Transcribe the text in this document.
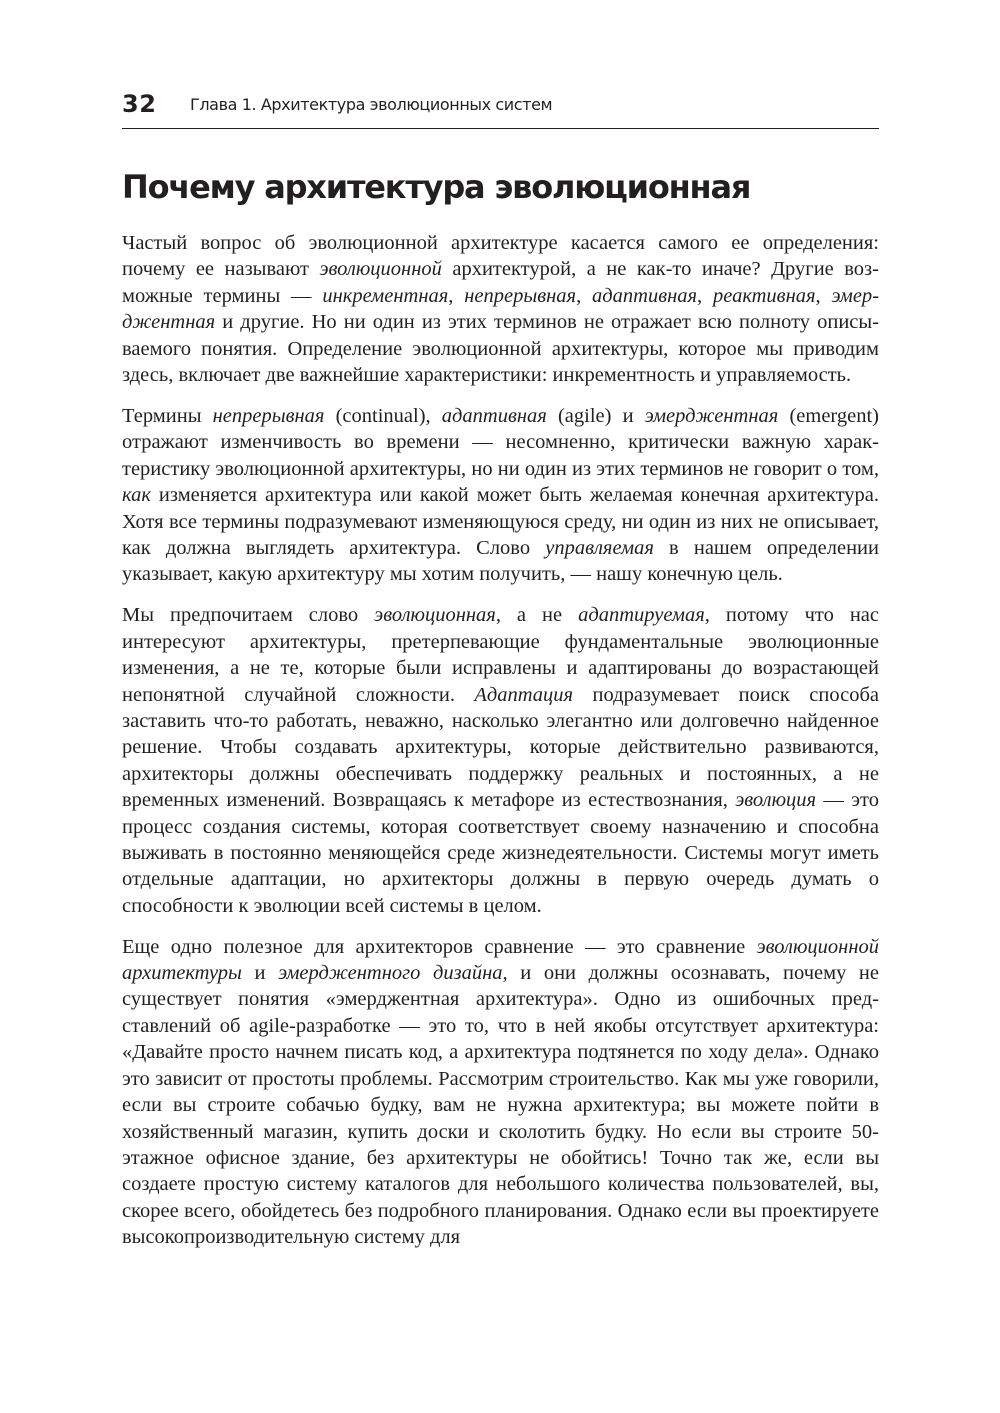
32 Глава 1. Архитектура эволюционных систем
Почему архитектура эволюционная

Частый вопрос об эволюционной архитектуре касается самого ее определения: почему ее называют эволюционной архитектурой, а не как-то иначе? Другие возможные термины — инкрементная, непрерывная, адаптивная, реактивная, эмерджентная и другие. Но ни один из этих терминов не отражает всю полноту описываемого понятия. Определение эволюционной архитектуры, которое мы приводим здесь, включает две важнейшие характеристики: инкрементность и управляемость.

Термины непрерывная (continual), адаптивная (agile) и эмерджентная (emergent) отражают изменчивость во времени — несомненно, критически важную характеристику эволюционной архитектуры, но ни один из этих терминов не говорит о том, как изменяется архитектура или какой может быть желаемая конечная архитектура. Хотя все термины подразумевают изменяющуюся среду, ни один из них не описывает, как должна выглядеть архитектура. Слово управляемая в нашем определении указывает, какую архитектуру мы хотим получить, — нашу конечную цель.

Мы предпочитаем слово эволюционная, а не адаптируемая, потому что нас интересуют архитектуры, претерпевающие фундаментальные эволюционные изменения, а не те, которые были исправлены и адаптированы до возрастающей непонятной случайной сложности. Адаптация подразумевает поиск способа заставить что-то работать, неважно, насколько элегантно или долговечно найденное решение. Чтобы создавать архитектуры, которые действительно развиваются, архитекторы должны обеспечивать поддержку реальных и постоянных, а не временных изменений. Возвращаясь к метафоре из естествознания, эволюция — это процесс создания системы, которая соответствует своему назначению и способна выживать в постоянно меняющейся среде жизнедеятельности. Системы могут иметь отдельные адаптации, но архитекторы должны в первую очередь думать о способности к эволюции всей системы в целом.

Еще одно полезное для архитекторов сравнение — это сравнение эволюционной архитектуры и эмерджентного дизайна, и они должны осознавать, почему не существует понятия «эмерджентная архитектура». Одно из ошибочных представлений об agile-разработке — это то, что в ней якобы отсутствует архитектура: «Давайте просто начнем писать код, а архитектура подтянется по ходу дела». Однако это зависит от простоты проблемы. Рассмотрим строительство. Как мы уже говорили, если вы строите собачью будку, вам не нужна архитектура; вы можете пойти в хозяйственный магазин, купить доски и сколотить будку. Но если вы строите 50-этажное офисное здание, без архитектуры не обойтись! Точно так же, если вы создаете простую систему каталогов для небольшого количества пользователей, вы, скорее всего, обойдетесь без подробного планирования. Однако если вы проектируете высокопроизводительную систему для
